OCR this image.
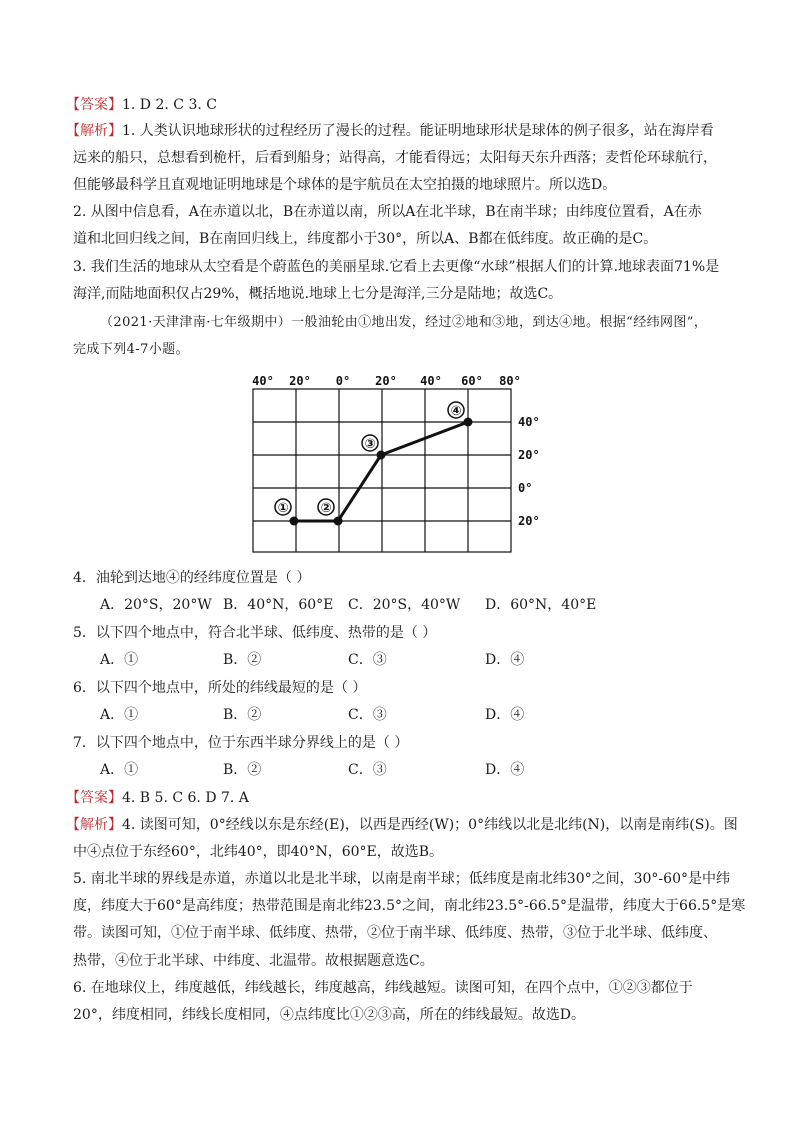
【答案】1. D 2. C 3. C
【解析】1. 人类认识地球形状的过程经历了漫长的过程。能证明地球形状是球体的例子很多，站在海岸看
远来的船只，总想看到桅杆，后看到船身；站得高，才能看得远；太阳每天东升西落；麦哲伦环球航行，
但能够最科学且直观地证明地球是个球体的是宇航员在太空拍摄的地球照片。所以选D。
2. 从图中信息看，A在赤道以北，B在赤道以南，所以A在北半球，B在南半球；由纬度位置看，A在赤
道和北回归线之间，B在南回归线上，纬度都小于30°，所以A、B都在低纬度。故正确的是C。
3. 我们生活的地球从太空看是个蔚蓝色的美丽星球.它看上去更像“水球”根据人们的计算.地球表面71%是
海洋,而陆地面积仅占29%，概括地说.地球上七分是海洋,三分是陆地；故选C。
（2021·天津津南·七年级期中）一般油轮由①地出发，经过②地和③地，到达④地。根据“经纬网图”，
完成下列4-7小题。
40° 20° 0° 20° 40° 60° 80°
40°
20°
0°
20°
① ②
③
④
4．油轮到达地④的经纬度位置是（ ）
A．20°S，20°W B．40°N，60°E C．20°S，40°W D．60°N，40°E
5．以下四个地点中，符合北半球、低纬度、热带的是（ ）
A．①	B．②	C．③	D．④
6．以下四个地点中，所处的纬线最短的是（ ）
A．①	B．②	C．③	D．④
7．以下四个地点中，位于东西半球分界线上的是（ ）
A．①	B．②	C．③	D．④
【答案】4. B 5. C 6. D 7. A
【解析】4. 读图可知，0°经线以东是东经(E)，以西是西经(W)；0°纬线以北是北纬(N)，以南是南纬(S)。图
中④点位于东经60°，北纬40°，即40°N，60°E，故选B。
5. 南北半球的界线是赤道，赤道以北是北半球，以南是南半球；低纬度是南北纬30°之间，30°-60°是中纬
度，纬度大于60°是高纬度；热带范围是南北纬23.5°之间，南北纬23.5°-66.5°是温带，纬度大于66.5°是寒
带。读图可知，①位于南半球、低纬度、热带，②位于南半球、低纬度、热带，③位于北半球、低纬度、
热带，④位于北半球、中纬度、北温带。故根据题意选C。
6. 在地球仪上，纬度越低，纬线越长，纬度越高，纬线越短。读图可知，在四个点中，①②③都位于
20°，纬度相同，纬线长度相同，④点纬度比①②③高，所在的纬线最短。故选D。
